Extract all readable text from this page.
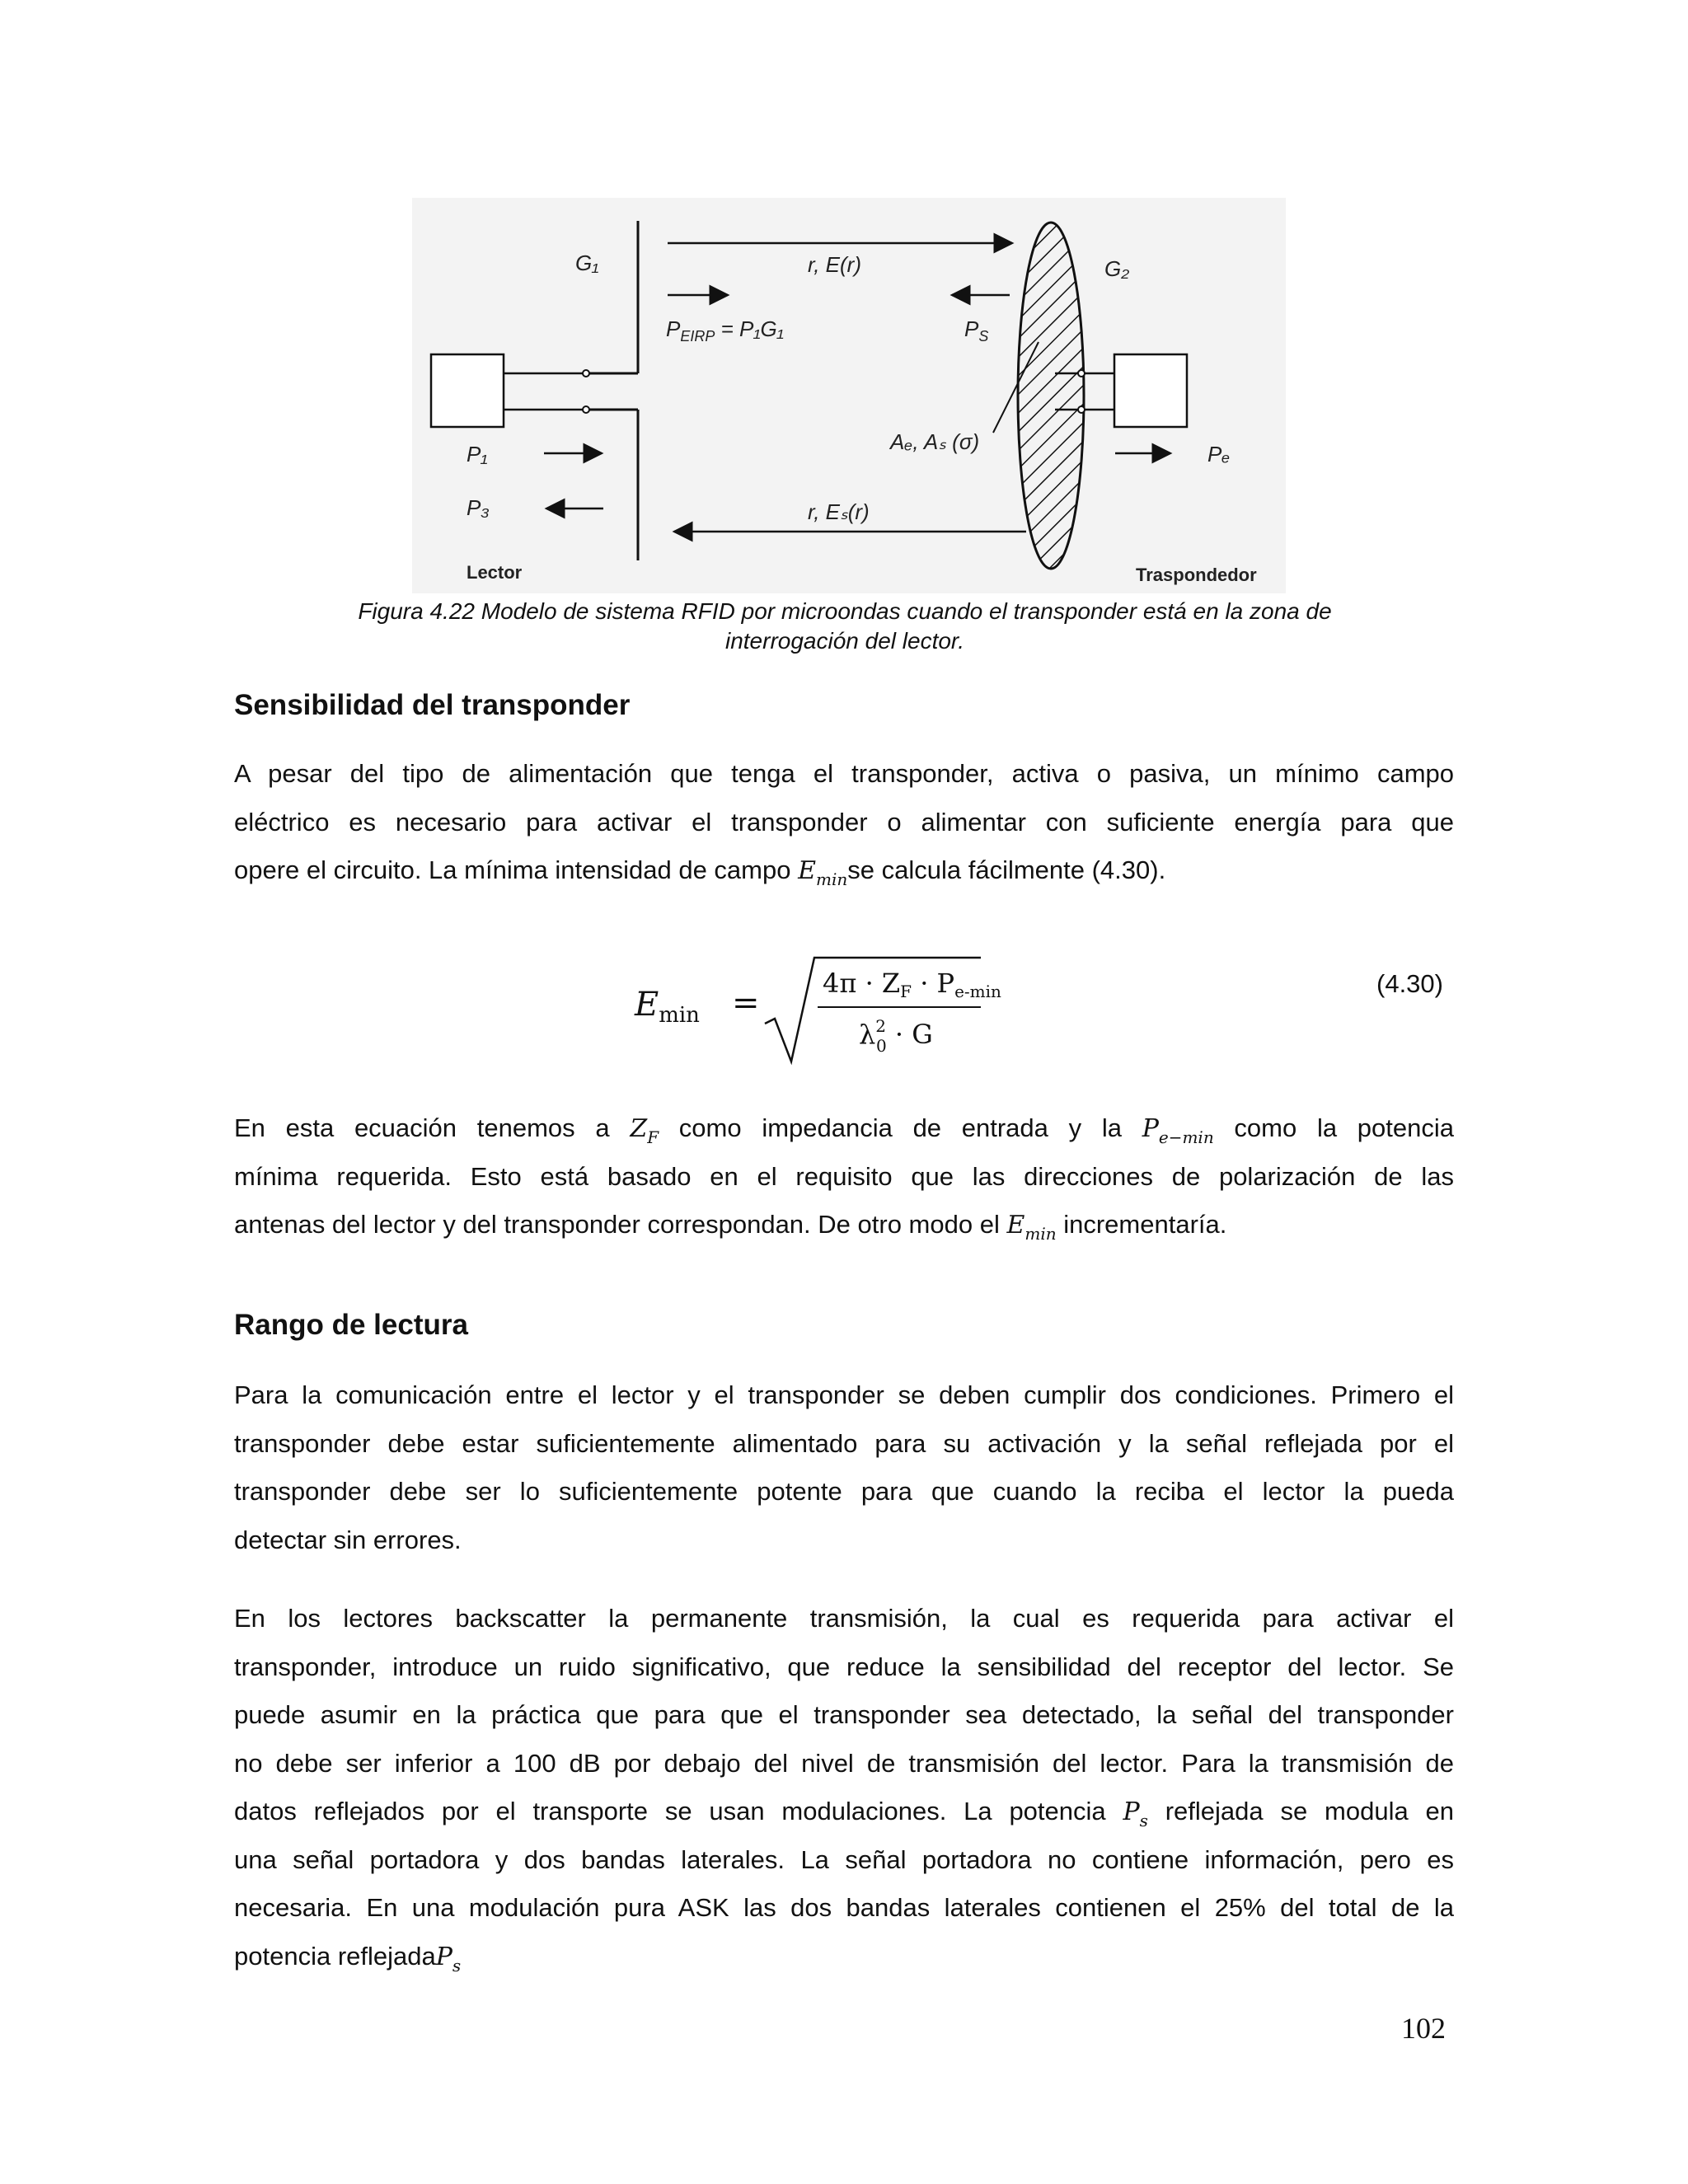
G₁	G₂
r, E(r)
$P_{EIRP} = P_1G_1$	$P_S$
Aₑ, Aₛ (σ)
P₁
P₃
Pₑ
r, Eₛ(r)
Lector	Traspondedor
Figura 4.22 Modelo de sistema RFID por microondas cuando el transponder está en la zona de
interrogación del lector.
Sensibilidad del transponder
A pesar del tipo de alimentación que tenga el transponder, activa o pasiva, un mínimo campo
eléctrico es necesario para activar el transponder o alimentar con suficiente energía para que
opere el circuito. La mínima intensidad de campo $E_{min}se$ calcula fácilmente (4.30).
$E_{min}$ =
4π · ZF · Pe-min
$\lambda^2$ 0 · G
(4.30)
En esta ecuación tenemos a $Z_F$ como impedancia de entrada y la $P_{e-min}$ como la potencia
mínima requerida. Esto está basado en el requisito que las direcciones de polarización de las
antenas del lector y del transponder correspondan. De otro modo el $E_{min}$ incrementaría.
Rango de lectura
Para la comunicación entre el lector y el transponder se deben cumplir dos condiciones. Primero el
transponder debe estar suficientemente alimentado para su activación y la señal reflejada por el
transponder debe ser lo suficientemente potente para que cuando la reciba el lector la pueda
detectar sin errores.
En los lectores backscatter la permanente transmisión, la cual es requerida para activar el
transponder, introduce un ruido significativo, que reduce la sensibilidad del receptor del lector. Se
puede asumir en la práctica que para que el transponder sea detectado, la señal del transponder
no debe ser inferior a 100 dB por debajo del nivel de transmisión del lector. Para la transmisión de
datos reflejados por el transporte se usan modulaciones. La potencia $P_s$ reflejada se modula en
una señal portadora y dos bandas laterales. La señal portadora no contiene información, pero es
necesaria. En una modulación pura ASK las dos bandas laterales contienen el 25% del total de la
potencia reflejadaP$_s$
102
